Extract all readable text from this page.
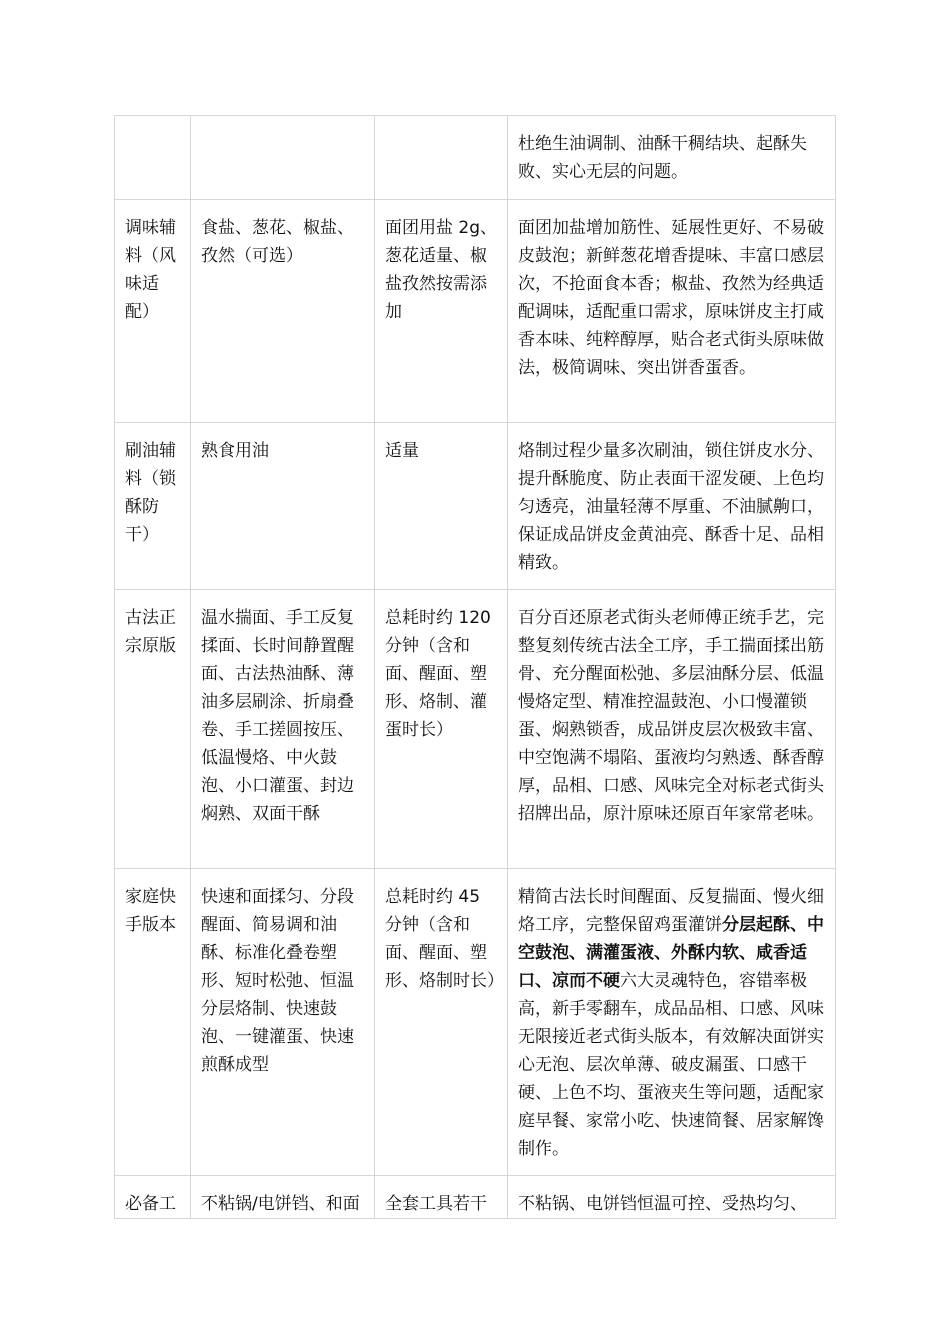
			杜绝生油调制、油酥干稠结块、起酥失败、实心无层的问题。
调味辅料（风味适配）	食盐、葱花、椒盐、孜然（可选）	面团用盐 2g、葱花适量、椒盐孜然按需添加	面团加盐增加筋性、延展性更好、不易破皮鼓泡；新鲜葱花增香提味、丰富口感层次，不抢面食本香；椒盐、孜然为经典适配调味，适配重口需求，原味饼皮主打咸香本味、纯粹醇厚，贴合老式街头原味做法，极简调味、突出饼香蛋香。
刷油辅料（锁酥防干）	熟食用油	适量	烙制过程少量多次刷油，锁住饼皮水分、提升酥脆度、防止表面干涩发硬、上色均匀透亮，油量轻薄不厚重、不油腻齁口，保证成品饼皮金黄油亮、酥香十足、品相精致。
古法正宗原版	温水揣面、手工反复揉面、长时间静置醒面、古法热油酥、薄油多层刷涂、折扇叠卷、手工搓圆按压、低温慢烙、中火鼓泡、小口灌蛋、封边焖熟、双面干酥	总耗时约 120 分钟（含和面、醒面、塑形、烙制、灌蛋时长）	百分百还原老式街头老师傅正统手艺，完整复刻传统古法全工序，手工揣面揉出筋骨、充分醒面松弛、多层油酥分层、低温慢烙定型、精准控温鼓泡、小口慢灌锁蛋、焖熟锁香，成品饼皮层次极致丰富、中空饱满不塌陷、蛋液均匀熟透、酥香醇厚，品相、口感、风味完全对标老式街头招牌出品，原汁原味还原百年家常老味。
家庭快手版本	快速和面揉匀、分段醒面、简易调和油酥、标准化叠卷塑形、短时松弛、恒温分层烙制、快速鼓泡、一键灌蛋、快速煎酥成型	总耗时约 45 分钟（含和面、醒面、塑形、烙制时长）	精简古法长时间醒面、反复揣面、慢火细烙工序，完整保留鸡蛋灌饼分层起酥、中空鼓泡、满灌蛋液、外酥内软、咸香适口、凉而不硬六大灵魂特色，容错率极高，新手零翻车，成品品相、口感、风味无限接近老式街头版本，有效解决面饼实心无泡、层次单薄、破皮漏蛋、口感干硬、上色不均、蛋液夹生等问题，适配家庭早餐、家常小吃、快速简餐、居家解馋制作。

必备工	不粘锅/电饼铛、和面	全套工具若干	不粘锅、电饼铛恒温可控、受热均匀、
